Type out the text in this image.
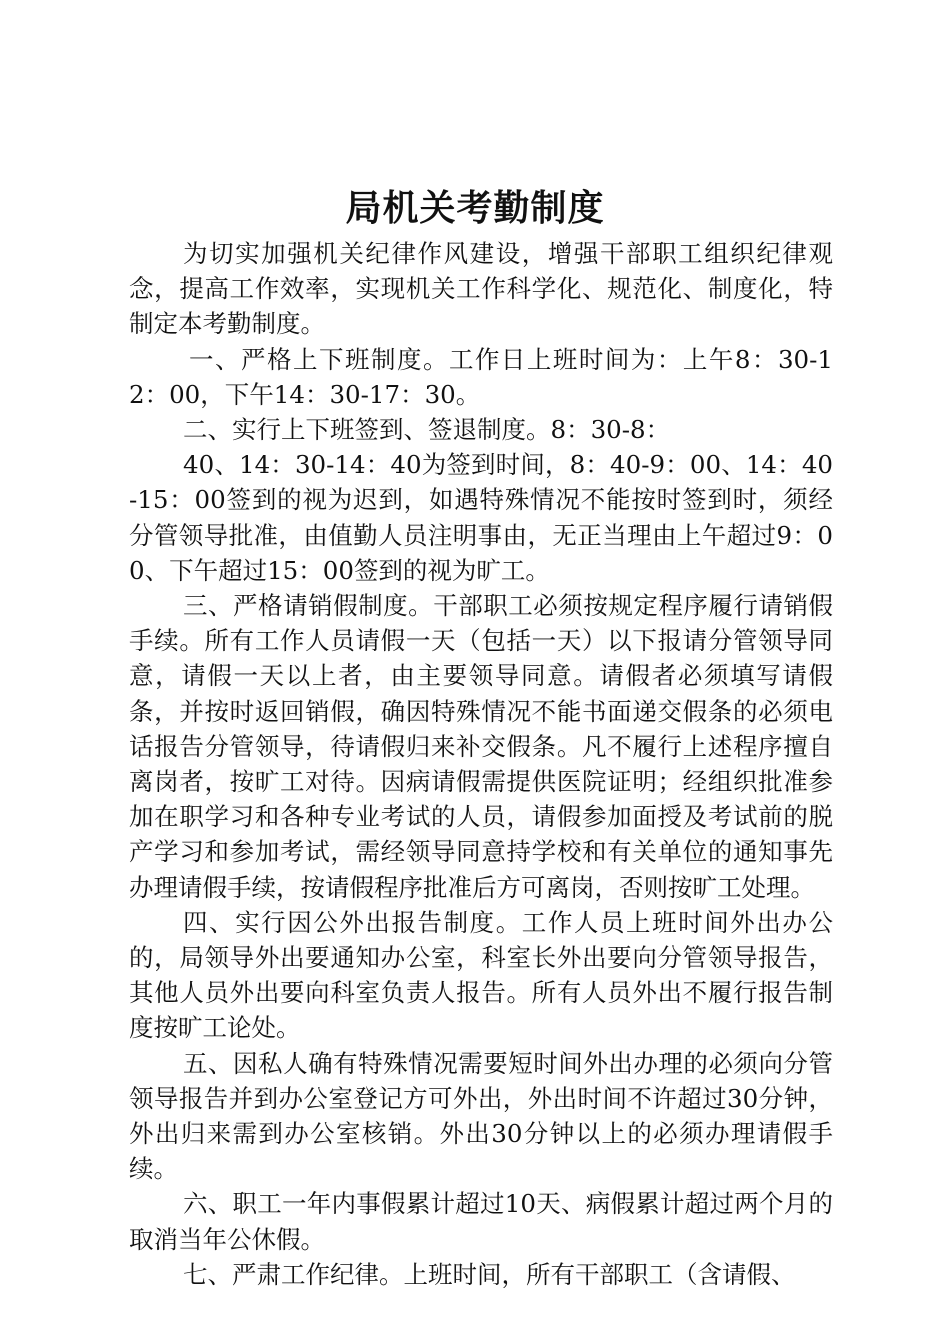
局机关考勤制度

为切实加强机关纪律作风建设，增强干部职工组织纪律观念，提高工作效率，实现机关工作科学化、规范化、制度化，特制定本考勤制度。

一、严格上下班制度。工作日上班时间为：上午8：30-12：00，下午14：30-17：30。

二、实行上下班签到、签退制度。8：30-8：

40、14：30-14：40为签到时间，8：40-9：00、14：40-15：00签到的视为迟到，如遇特殊情况不能按时签到时，须经分管领导批准，由值勤人员注明事由，无正当理由上午超过9：00、下午超过15：00签到的视为旷工。

三、严格请销假制度。干部职工必须按规定程序履行请销假手续。所有工作人员请假一天（包括一天）以下报请分管领导同意，请假一天以上者，由主要领导同意。请假者必须填写请假条，并按时返回销假，确因特殊情况不能书面递交假条的必须电话报告分管领导，待请假归来补交假条。凡不履行上述程序擅自离岗者，按旷工对待。因病请假需提供医院证明；经组织批准参加在职学习和各种专业考试的人员，请假参加面授及考试前的脱产学习和参加考试，需经领导同意持学校和有关单位的通知事先办理请假手续，按请假程序批准后方可离岗，否则按旷工处理。

四、实行因公外出报告制度。工作人员上班时间外出办公的，局领导外出要通知办公室，科室长外出要向分管领导报告，其他人员外出要向科室负责人报告。所有人员外出不履行报告制度按旷工论处。

五、因私人确有特殊情况需要短时间外出办理的必须向分管领导报告并到办公室登记方可外出，外出时间不许超过30分钟，外出归来需到办公室核销。外出30分钟以上的必须办理请假手续。

六、职工一年内事假累计超过10天、病假累计超过两个月的取消当年公休假。

七、严肃工作纪律。上班时间，所有干部职工（含请假、
